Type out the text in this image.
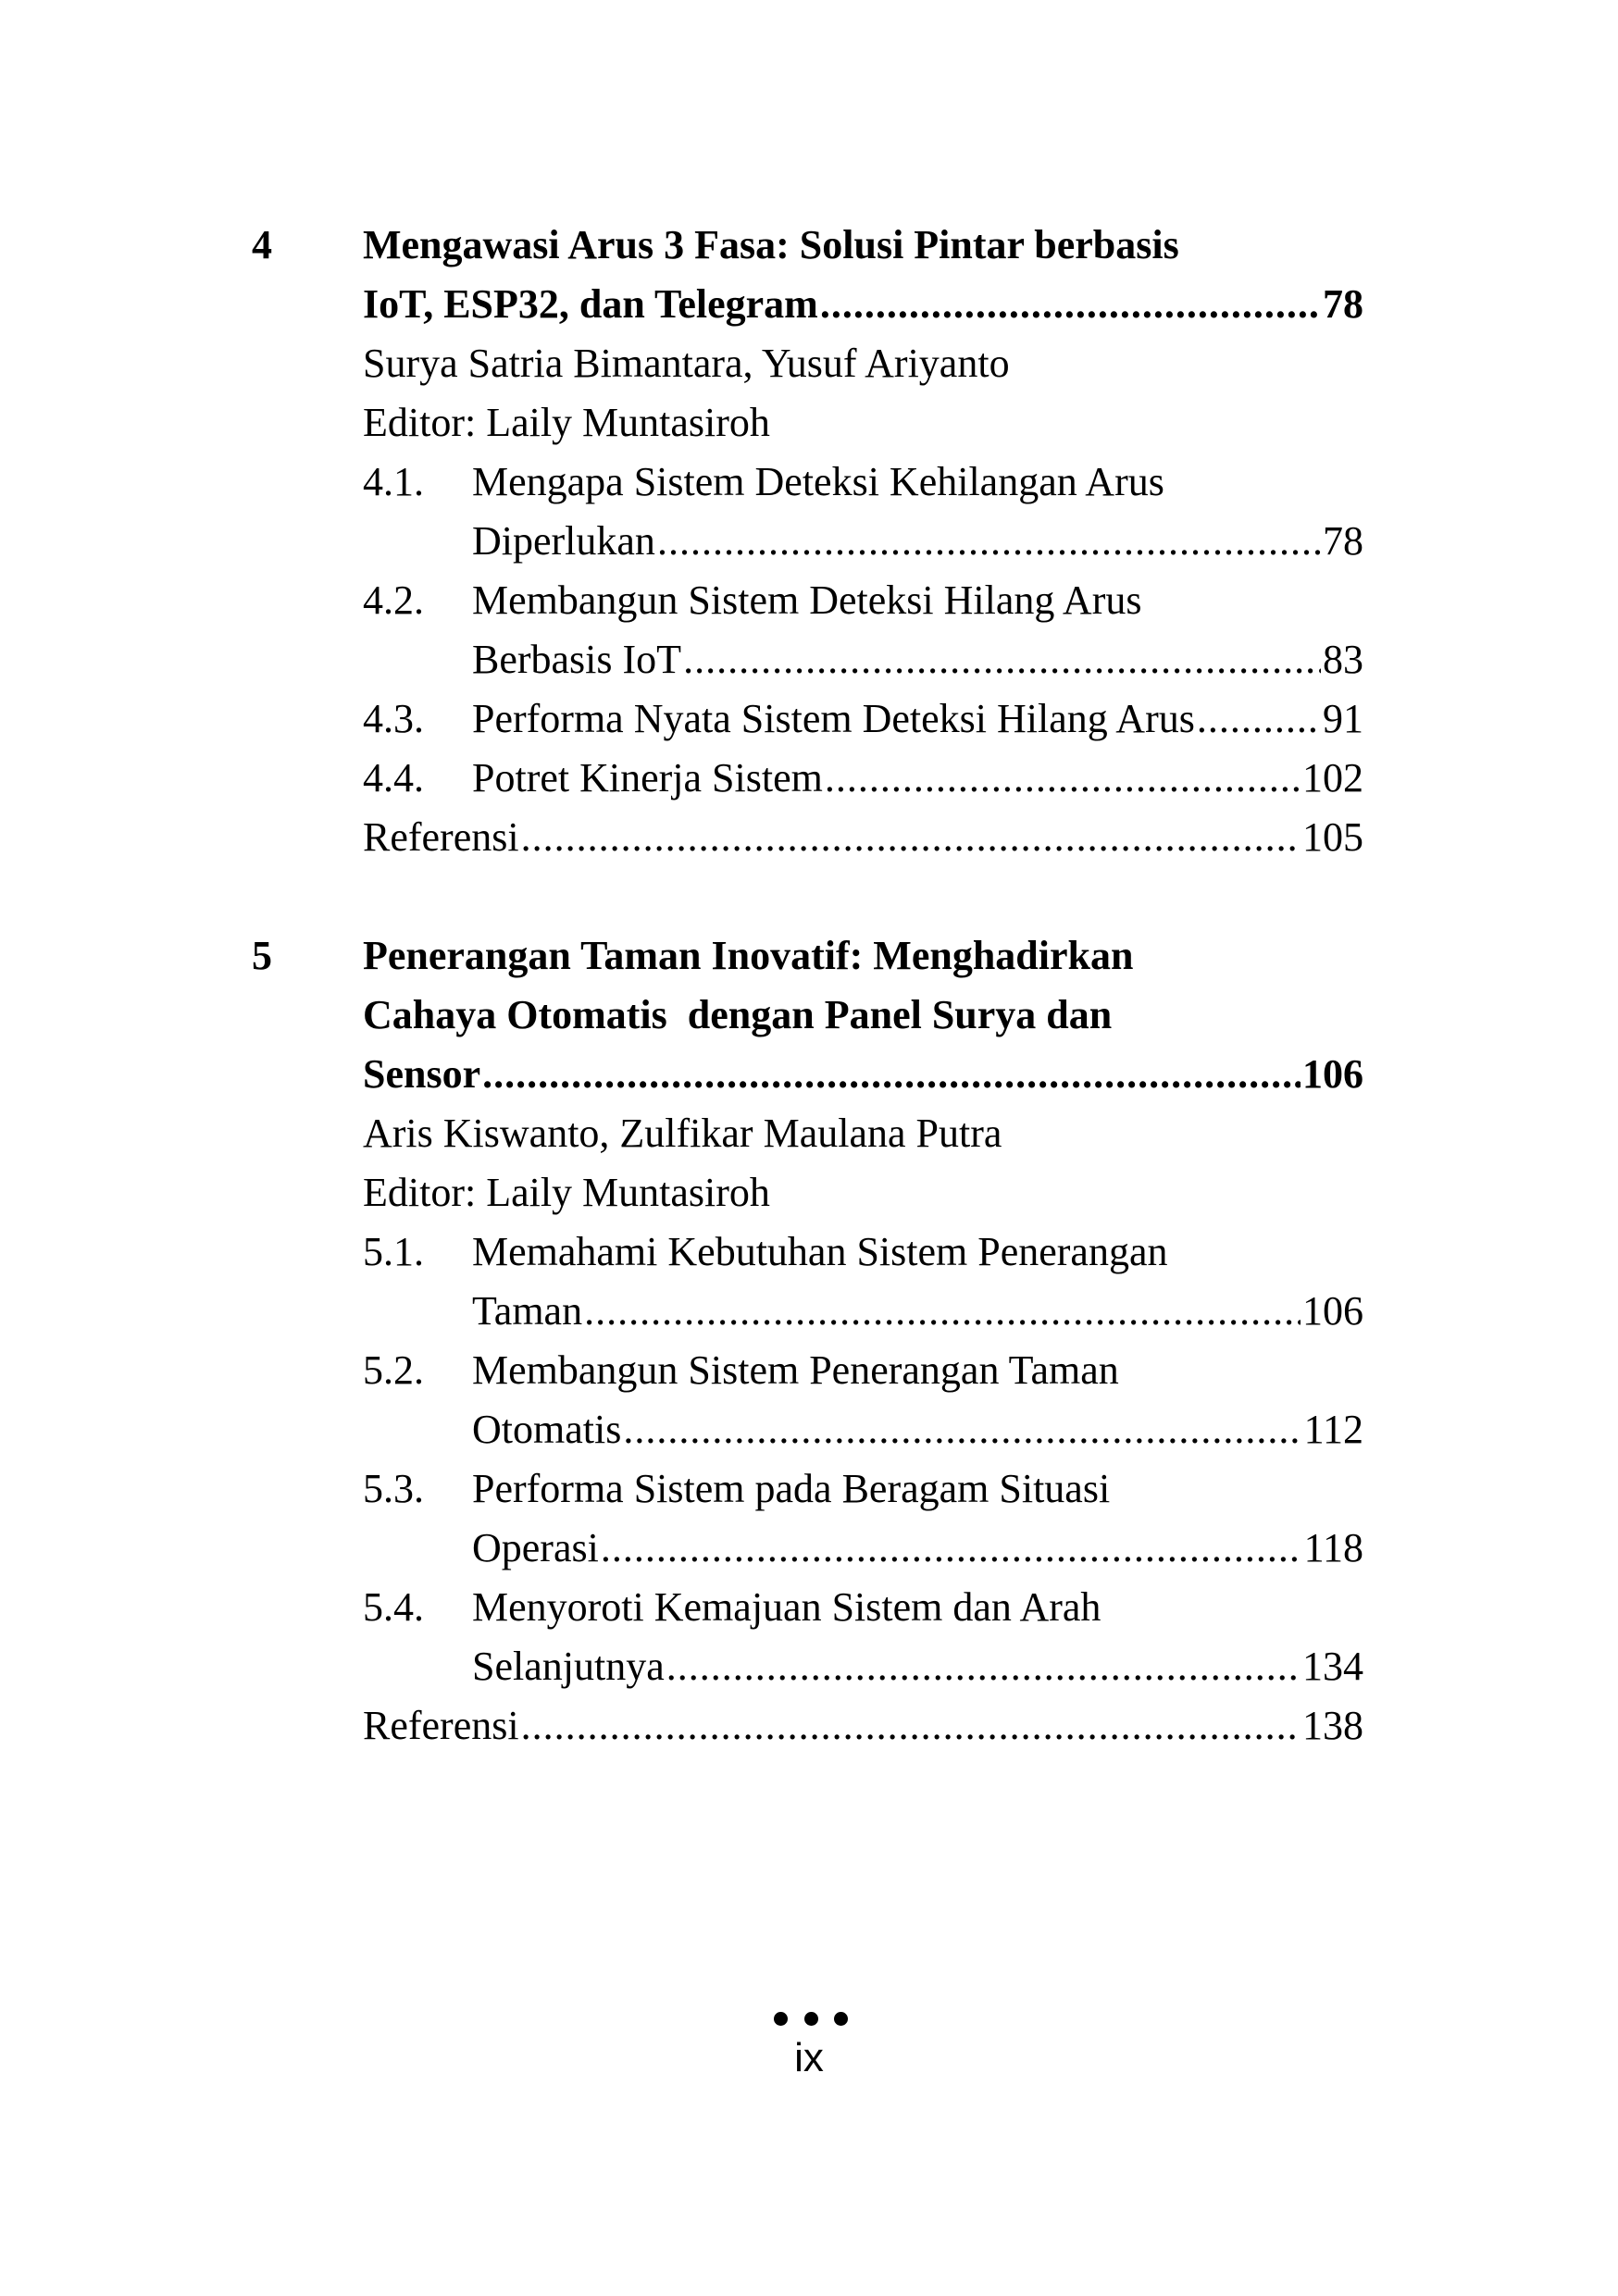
4 Mengawasi Arus 3 Fasa: Solusi Pintar berbasis
IoT, ESP32, dan Telegram .....	78
Surya Satria Bimantara, Yusuf Ariyanto
Editor: Laily Muntasiroh
4.1. Mengapa Sistem Deteksi Kehilangan Arus
Diperlukan .....	78
4.2. Membangun Sistem Deteksi Hilang Arus
Berbasis IoT .....	83
4.3. Performa Nyata Sistem Deteksi Hilang Arus .....	91
4.4. Potret Kinerja Sistem .....	102
Referensi .....	105
5 Penerangan Taman Inovatif: Menghadirkan
Cahaya Otomatis  dengan Panel Surya dan
Sensor .....	106
Aris Kiswanto, Zulfikar Maulana Putra
Editor: Laily Muntasiroh
5.1. Memahami Kebutuhan Sistem Penerangan
Taman .....	106
5.2. Membangun Sistem Penerangan Taman
Otomatis .....	112
5.3. Performa Sistem pada Beragam Situasi
Operasi .....	118
5.4. Menyoroti Kemajuan Sistem dan Arah
Selanjutnya .....	134
Referensi .....	138
ix
